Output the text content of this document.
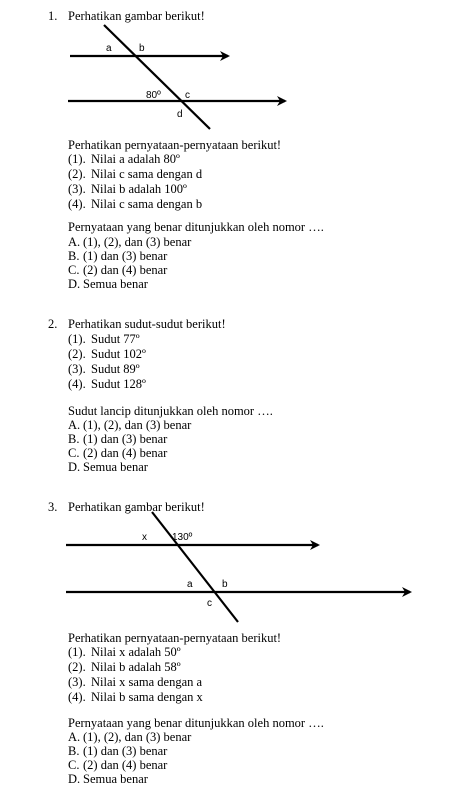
a	b
80º c
d
x	130º
a	b
c
1. Perhatikan gambar berikut!
Perhatikan pernyataan-pernyataan berikut!
(1). Nilai a adalah 80º
(2). Nilai c sama dengan d
(3). Nilai b adalah 100º
(4). Nilai c sama dengan b
Pernyataan yang benar ditunjukkan oleh nomor ….
A. (1), (2), dan (3) benar
B. (1) dan (3) benar
C. (2) dan (4) benar
D. Semua benar
2. Perhatikan sudut-sudut berikut!
(1). Sudut 77º
(2). Sudut 102º
(3). Sudut 89º
(4). Sudut 128º
Sudut lancip ditunjukkan oleh nomor ….
A. (1), (2), dan (3) benar
B. (1) dan (3) benar
C. (2) dan (4) benar
D. Semua benar
3. Perhatikan gambar berikut!
Perhatikan pernyataan-pernyataan berikut!
(1). Nilai x adalah 50º
(2). Nilai b adalah 58º
(3). Nilai x sama dengan a
(4). Nilai b sama dengan x
Pernyataan yang benar ditunjukkan oleh nomor ….
A. (1), (2), dan (3) benar
B. (1) dan (3) benar
C. (2) dan (4) benar
D. Semua benar
